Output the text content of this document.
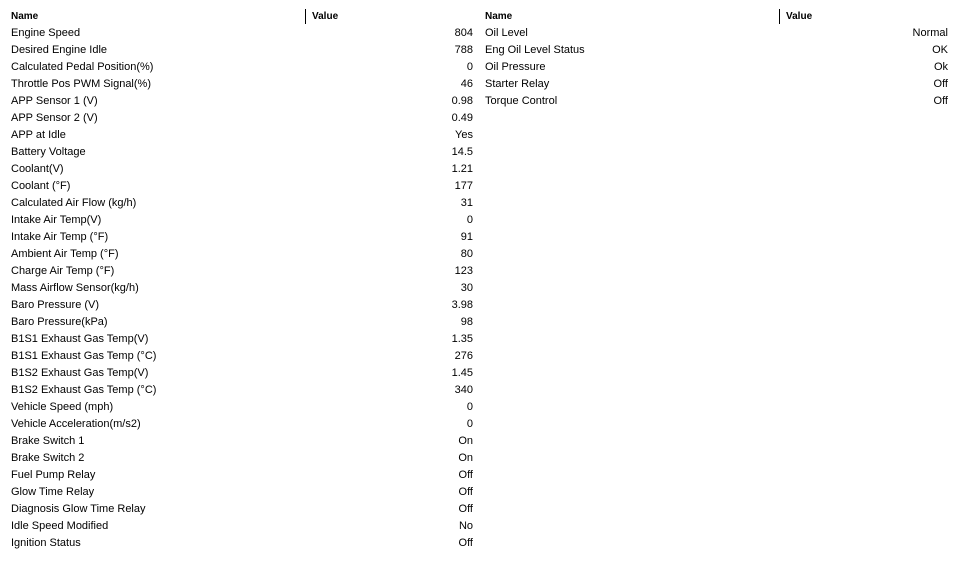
Name	Value
Engine Speed	804
Desired Engine Idle	788
Calculated Pedal Position(%)	0
Throttle Pos PWM Signal(%)	46
APP Sensor 1 (V)	0.98
APP Sensor 2 (V)	0.49
APP at Idle	Yes
Battery Voltage	14.5
Coolant(V)	1.21
Coolant (°F)	177
Calculated Air Flow (kg/h)	31
Intake Air Temp(V)	0
Intake Air Temp (°F)	91
Ambient Air Temp (°F)	80
Charge Air Temp (°F)	123
Mass Airflow Sensor(kg/h)	30
Baro Pressure (V)	3.98
Baro Pressure(kPa)	98
B1S1 Exhaust Gas Temp(V)	1.35
B1S1 Exhaust Gas Temp (°C)	276
B1S2 Exhaust Gas Temp(V)	1.45
B1S2 Exhaust Gas Temp (°C)	340
Vehicle Speed (mph)	0
Vehicle Acceleration(m/s2)	0
Brake Switch 1	On
Brake Switch 2	On
Fuel Pump Relay	Off
Glow Time Relay	Off
Diagnosis Glow Time Relay	Off
Idle Speed Modified	No
Ignition Status	Off
Name	Value
Oil Level	Normal
Eng Oil Level Status	OK
Oil Pressure	Ok
Starter Relay	Off
Torque Control	Off
